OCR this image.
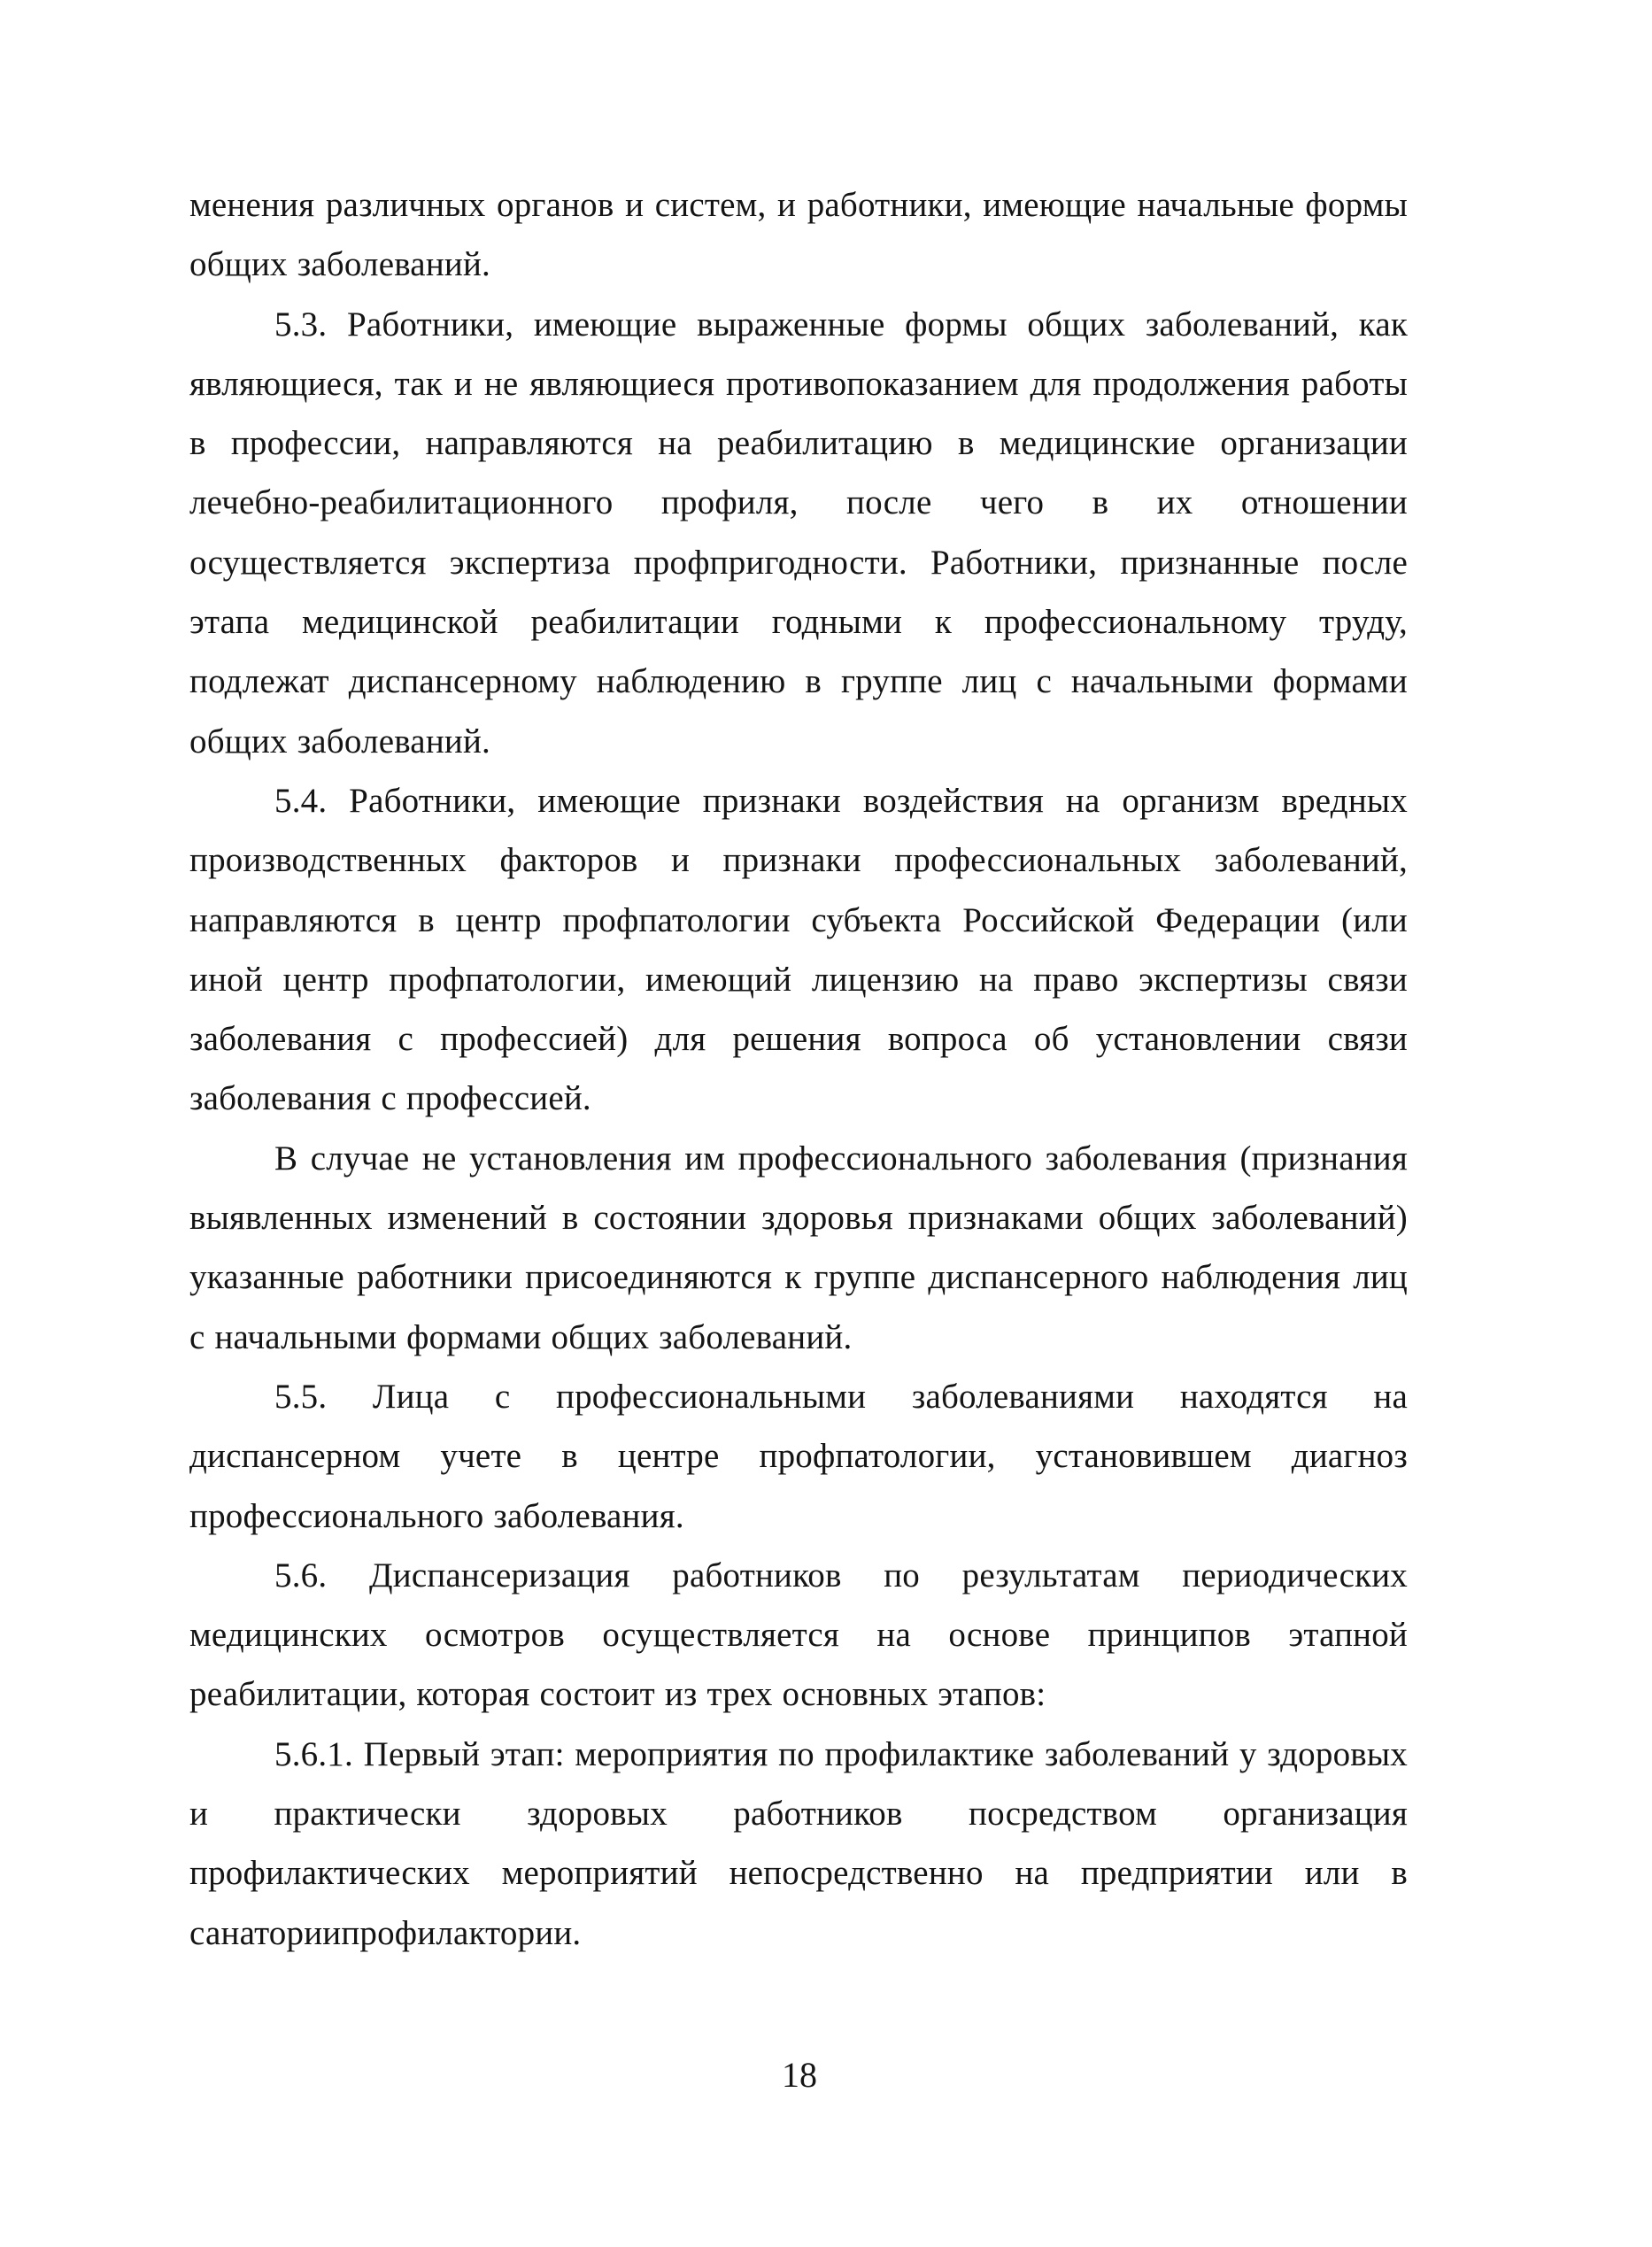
менения различных органов и систем, и работники, имеющие начальные формы общих заболеваний.

5.3. Работники, имеющие выраженные формы общих заболеваний, как являющиеся, так и не являющиеся противопоказанием для продолжения работы в профессии, направляются на реабилитацию в медицинские организации лечебно-реабилитационного профиля, после чего в их отношении осуществляется экспертиза профпригодности. Работники, признанные после этапа медицинской реабилитации годными к профессиональному труду, подлежат диспансерному наблюдению в группе лиц с начальными формами общих заболеваний.

5.4. Работники, имеющие признаки воздействия на организм вредных производственных факторов и признаки профессиональных заболеваний, направляются в центр профпатологии субъекта Российской Федерации (или иной центр профпатологии, имеющий лицензию на право экспертизы связи заболевания с профессией) для решения вопроса об установлении связи заболевания с профессией.

В случае не установления им профессионального заболевания (признания выявленных изменений в состоянии здоровья признаками общих заболеваний) указанные работники присоединяются к группе диспансерного наблюдения лиц с начальными формами общих заболеваний.

5.5. Лица с профессиональными заболеваниями находятся на диспансерном учете в центре профпатологии, установившем диагноз профессионального заболевания.

5.6. Диспансеризация работников по результатам периодических медицинских осмотров осуществляется на основе принципов этапной реабилитации, которая состоит из трех основных этапов:

5.6.1. Первый этап: мероприятия по профилактике заболеваний у здоровых и практически здоровых работников посредством организация профилактических мероприятий непосредственно на предприятии или в санаториипрофилактории.

18
